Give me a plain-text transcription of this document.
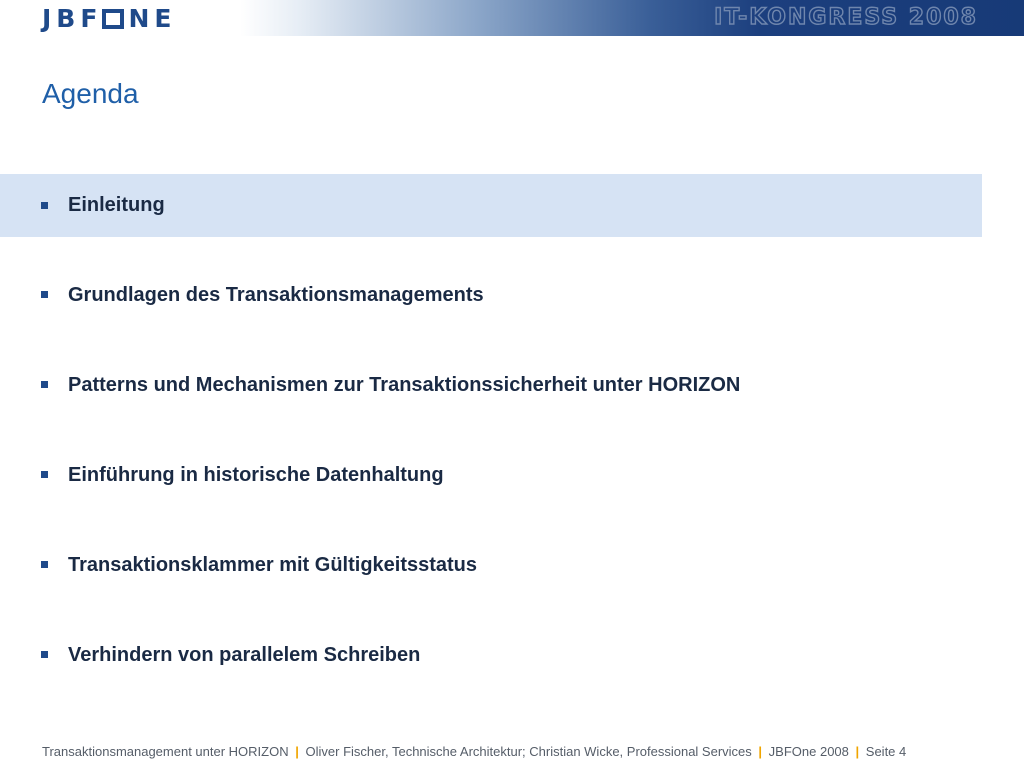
JBF NE	IT-KONGRESS 2008
Agenda
Einleitung
Grundlagen des Transaktionsmanagements
Patterns und Mechanismen zur Transaktionssicherheit unter HORIZON
Einführung in historische Datenhaltung
Transaktionsklammer mit Gültigkeitsstatus
Verhindern von parallelem Schreiben
Transaktionsmanagement unter HORIZON | Oliver Fischer, Technische Architektur; Christian Wicke, Professional Services | JBFOne 2008 | Seite 4
